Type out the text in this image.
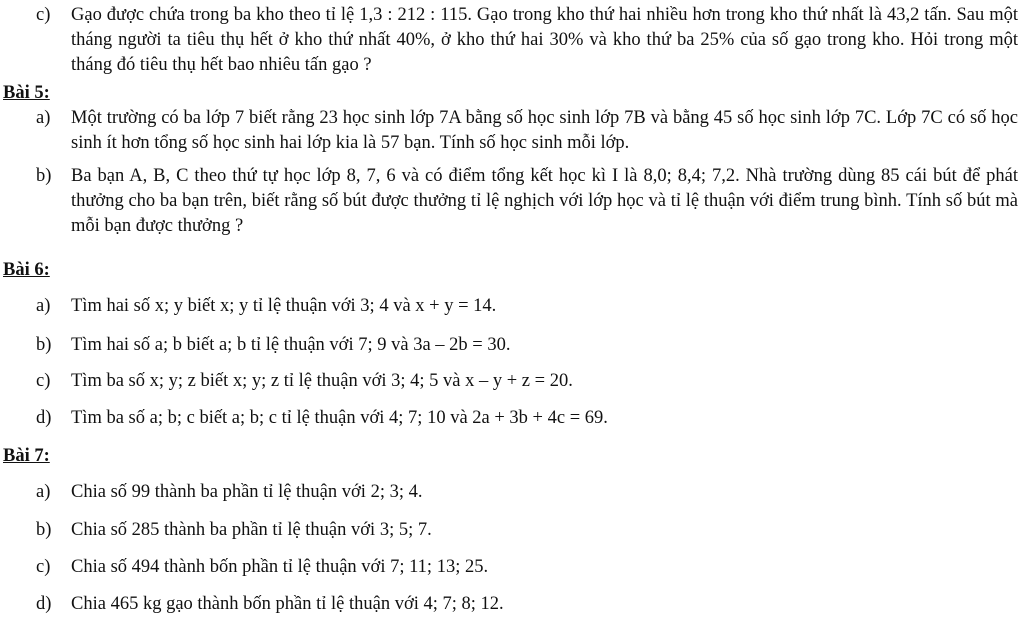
c) Gạo được chứa trong ba kho theo tỉ lệ 1,3 : 212 : 115. Gạo trong kho thứ hai nhiều hơn trong kho thứ nhất là 43,2 tấn. Sau một tháng người ta tiêu thụ hết ở kho thứ nhất 40%, ở kho thứ hai 30% và kho thứ ba 25% của số gạo trong kho. Hỏi trong một tháng đó tiêu thụ hết bao nhiêu tấn gạo ?
Bài 5:
a) Một trường có ba lớp 7 biết rằng 23 học sinh lớp 7A bằng số học sinh lớp 7B và bằng 45 số học sinh lớp 7C. Lớp 7C có số học sinh ít hơn tổng số học sinh hai lớp kia là 57 bạn. Tính số học sinh mỗi lớp.
b) Ba bạn A, B, C theo thứ tự học lớp 8, 7, 6 và có điểm tổng kết học kì I là 8,0; 8,4; 7,2. Nhà trường dùng 85 cái bút để phát thưởng cho ba bạn trên, biết rằng số bút được thưởng tỉ lệ nghịch với lớp học và tỉ lệ thuận với điểm trung bình. Tính số bút mà mỗi bạn được thưởng ?
Bài 6:
a) Tìm hai số x; y biết x; y tỉ lệ thuận với 3; 4 và x + y = 14.
b) Tìm hai số a; b biết a; b tỉ lệ thuận với 7; 9 và 3a – 2b = 30.
c) Tìm ba số x; y; z biết x; y; z tỉ lệ thuận với 3; 4; 5 và x – y + z = 20.
d) Tìm ba số a; b; c biết a; b; c tỉ lệ thuận với 4; 7; 10 và 2a + 3b + 4c = 69.
Bài 7:
a) Chia số 99 thành ba phần tỉ lệ thuận với 2; 3; 4.
b) Chia số 285 thành ba phần tỉ lệ thuận với 3; 5; 7.
c) Chia số 494 thành bốn phần tỉ lệ thuận với 7; 11; 13; 25.
d) Chia 465 kg gạo thành bốn phần tỉ lệ thuận với 4; 7; 8; 12.
